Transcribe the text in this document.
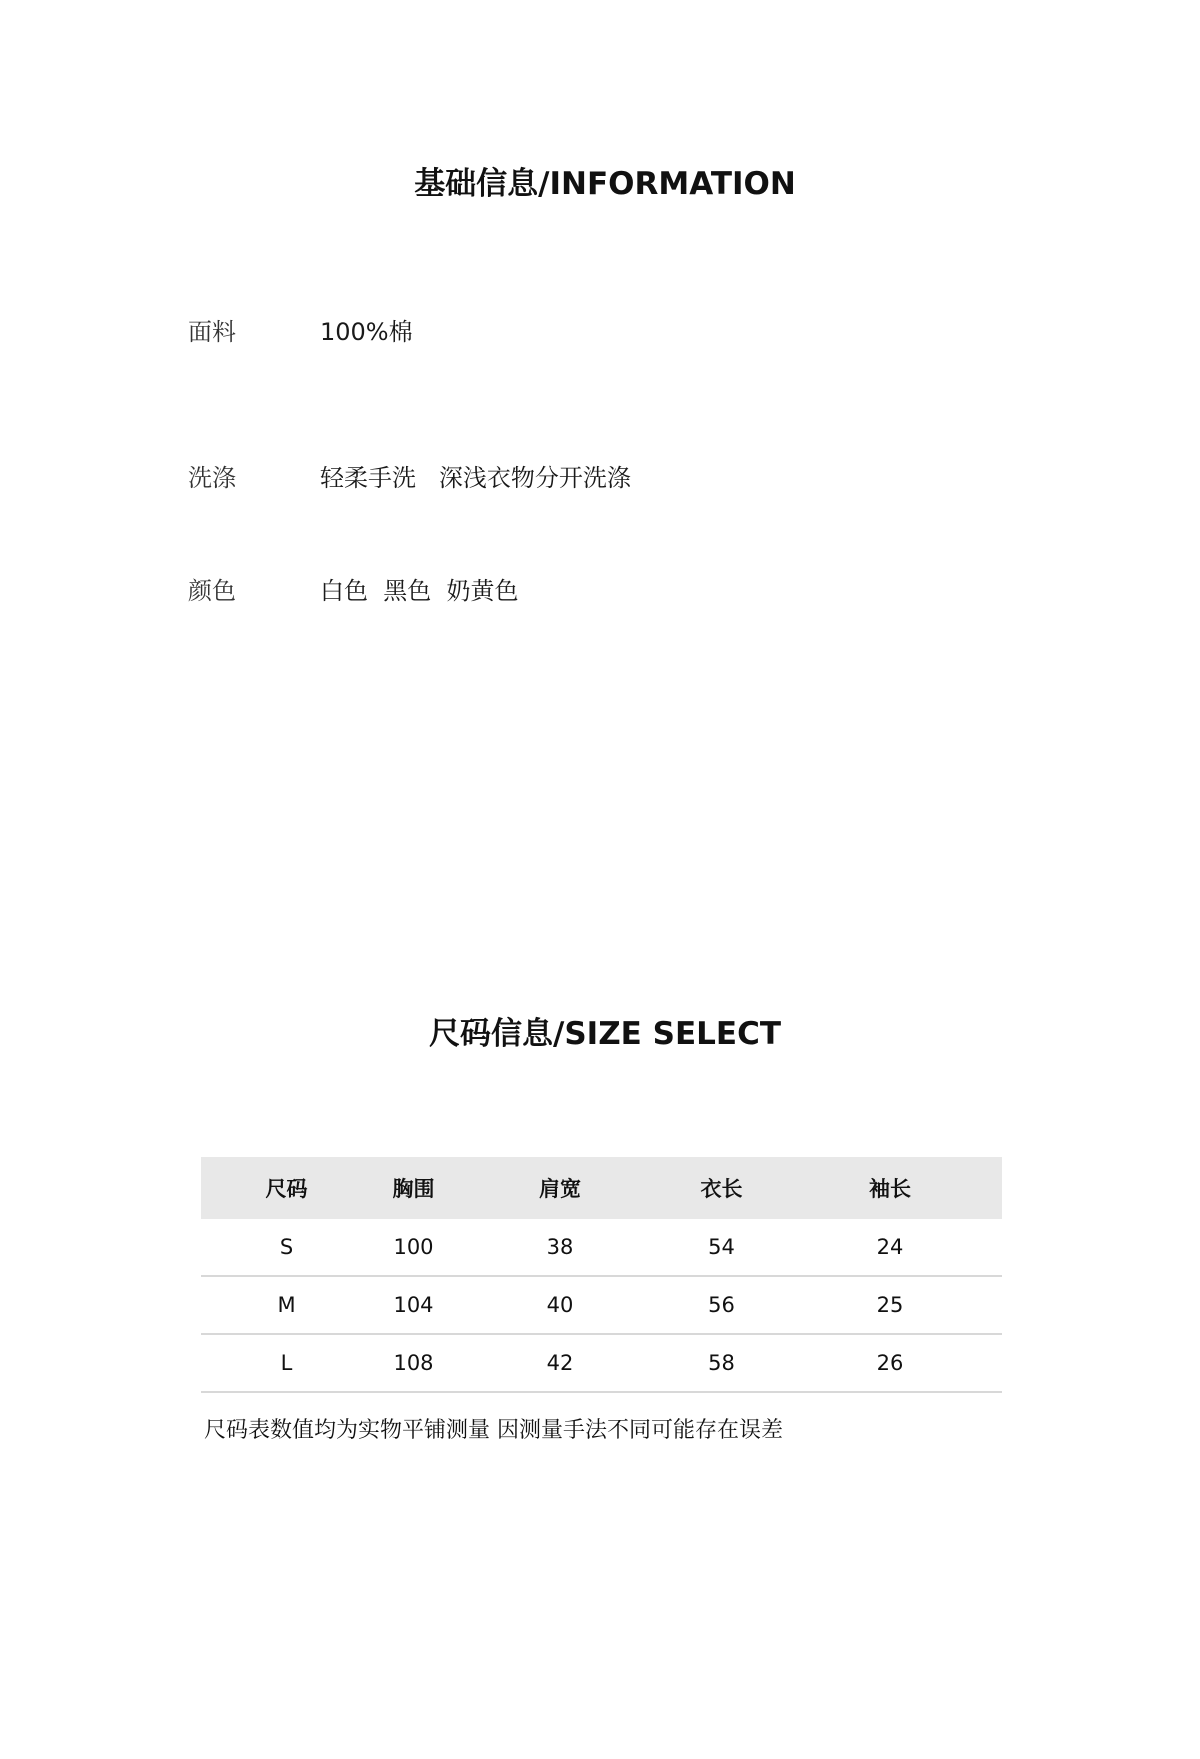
基础信息/INFORMATION
面料	100%棉
洗涤	轻柔手洗   深浅衣物分开洗涤
颜色	白色  黑色  奶黄色
尺码信息/SIZE SELECT
尺码	胸围	肩宽	衣长	袖长
S	100	38	54	24
M	104	40	56	25
L	108	42	58	26
尺码表数值均为实物平铺测量 因测量手法不同可能存在误差
